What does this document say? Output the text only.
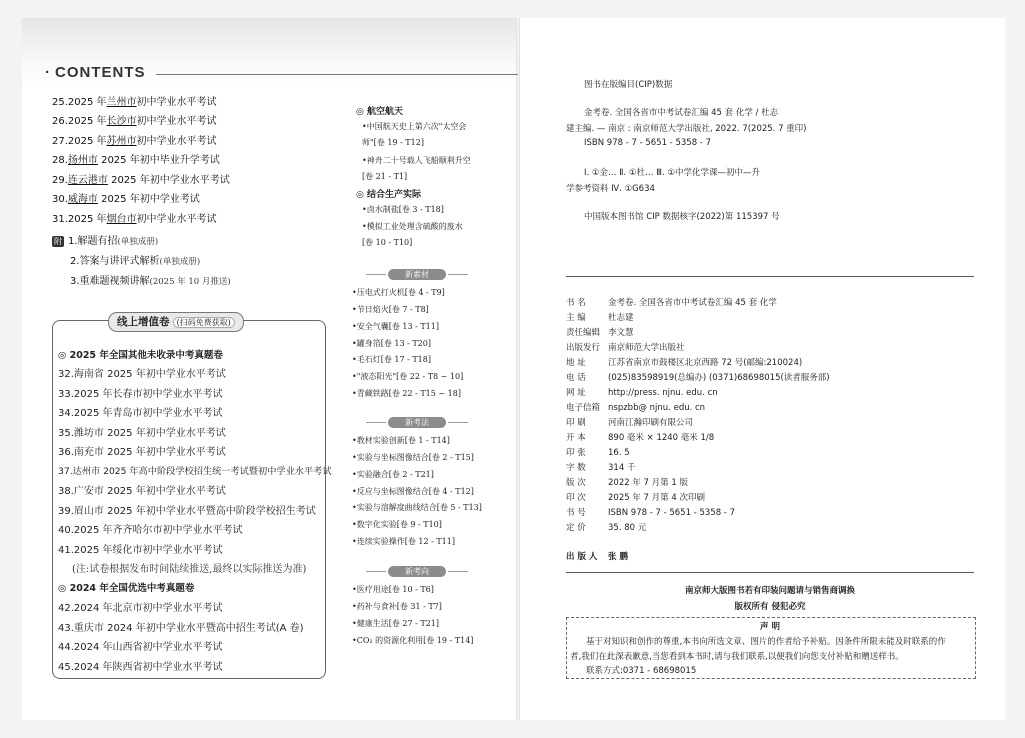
· CONTENTS
25.2025 年兰州市初中学业水平考试
26.2025 年长沙市初中学业水平考试
27.2025 年苏州市初中学业水平考试
28.扬州市 2025 年初中毕业升学考试
29.连云港市 2025 年初中学业水平考试
30.威海市 2025 年初中学业考试
31.2025 年烟台市初中学业水平考试
附 1.解题有招(单独成册)
2.答案与讲评式解析(单独成册)
3.重难题视频讲解(2025 年 10 月推送)
线上增值卷 (扫码免费获取)
◎ 2025 年全国其他未收录中考真题卷
32.海南省 2025 年初中学业水平考试
33.2025 年长春市初中学业水平考试
34.2025 年青岛市初中学业水平考试
35.潍坊市 2025 年初中学业水平考试
36.南充市 2025 年初中学业水平考试
37.达州市 2025 年高中阶段学校招生统一考试暨初中学业水平考试
38.广安市 2025 年初中学业水平考试
39.眉山市 2025 年初中学业水平暨高中阶段学校招生考试
40.2025 年齐齐哈尔市初中学业水平考试
41.2025 年绥化市初中学业水平考试
(注:试卷根据发布时间陆续推送,最终以实际推送为准)
◎ 2024 年全国优选中考真题卷
42.2024 年北京市初中学业水平考试
43.重庆市 2024 年初中学业水平暨高中招生考试(A 卷)
44.2024 年山西省初中学业水平考试
45.2024 年陕西省初中学业水平考试
◎ 航空航天
•中国航天史上第六次"太空会
师"[卷 19 - T12]
•神舟二十号载人飞船顺利升空
[卷 21 - T1]
◎ 结合生产实际
•卤水制盐[卷 3 - T18]
•模拟工业处理含硫酸的废水
[卷 10 - T10]
新素材
•压电式打火机[卷 4 - T9]
•节日焰火[卷 7 - T8]
•安全气囊[卷 13 - T11]
•罐身箔[卷 13 - T20]
•毛石灯[卷 17 - T18]
•"液态阳光"[卷 22 - T8 ~ 10]
•青藏铁路[卷 22 - T15 ~ 18]
新考法
•教材实验创新[卷 1 - T14]
•实验与坐标图像结合[卷 2 - T15]
•实验融合[卷 2 - T21]
•反应与坐标图像结合[卷 4 - T12]
•实验与溶解度曲线结合[卷 5 - T13]
•数字化实验[卷 9 - T10]
•连续实验操作[卷 12 - T11]
新考向
•医疗用途[卷 10 - T6]
•药补与食补[卷 31 - T7]
•健康生活[卷 27 - T21]
•CO₂ 的资源化利用[卷 19 - T14]
图书在版编目(CIP)数据
金考卷. 全国各省市中考试卷汇编 45 套 化学 / 杜志
建主编. — 南京 : 南京师范大学出版社, 2022. 7(2025. 7 重印)
ISBN 978 - 7 - 5651 - 5358 - 7
Ⅰ. ①金… Ⅱ. ①杜… Ⅲ. ①中学化学课—初中—升
学参考资料 Ⅳ. ①G634
中国版本图书馆 CIP 数据核字(2022)第 115397 号
书 名	金考卷. 全国各省市中考试卷汇编 45 套 化学
主 编	杜志建
责任编辑 李文慧
出版发行 南京师范大学出版社
地 址	江苏省南京市鼓楼区北京西路 72 号(邮编:210024)
电 话	(025)83598919(总编办) (0371)68698015(读者服务部)
网 址	http://press. njnu. edu. cn
电子信箱 nspzbb@ njnu. edu. cn
印 刷	河南江瀚印刷有限公司
开 本	890 毫米 × 1240 毫米 1/8
印 张	16. 5
字 数	314 千
版 次	2022 年 7 月第 1 版
印 次	2025 年 7 月第 4 次印刷
书 号	ISBN 978 - 7 - 5651 - 5358 - 7
定 价	35. 80 元
出 版 人 张 鹏
南京师大版图书若有印装问题请与销售商调换
版权所有 侵犯必究
声 明
基于对知识和创作的尊重,本书向所选文章、图片的作者给予补贴。因条件所限未能及时联系的作
者,我们在此深表歉意,当您看到本书时,请与我们联系,以便我们向您支付补贴和赠送样书。
联系方式:0371 - 68698015
